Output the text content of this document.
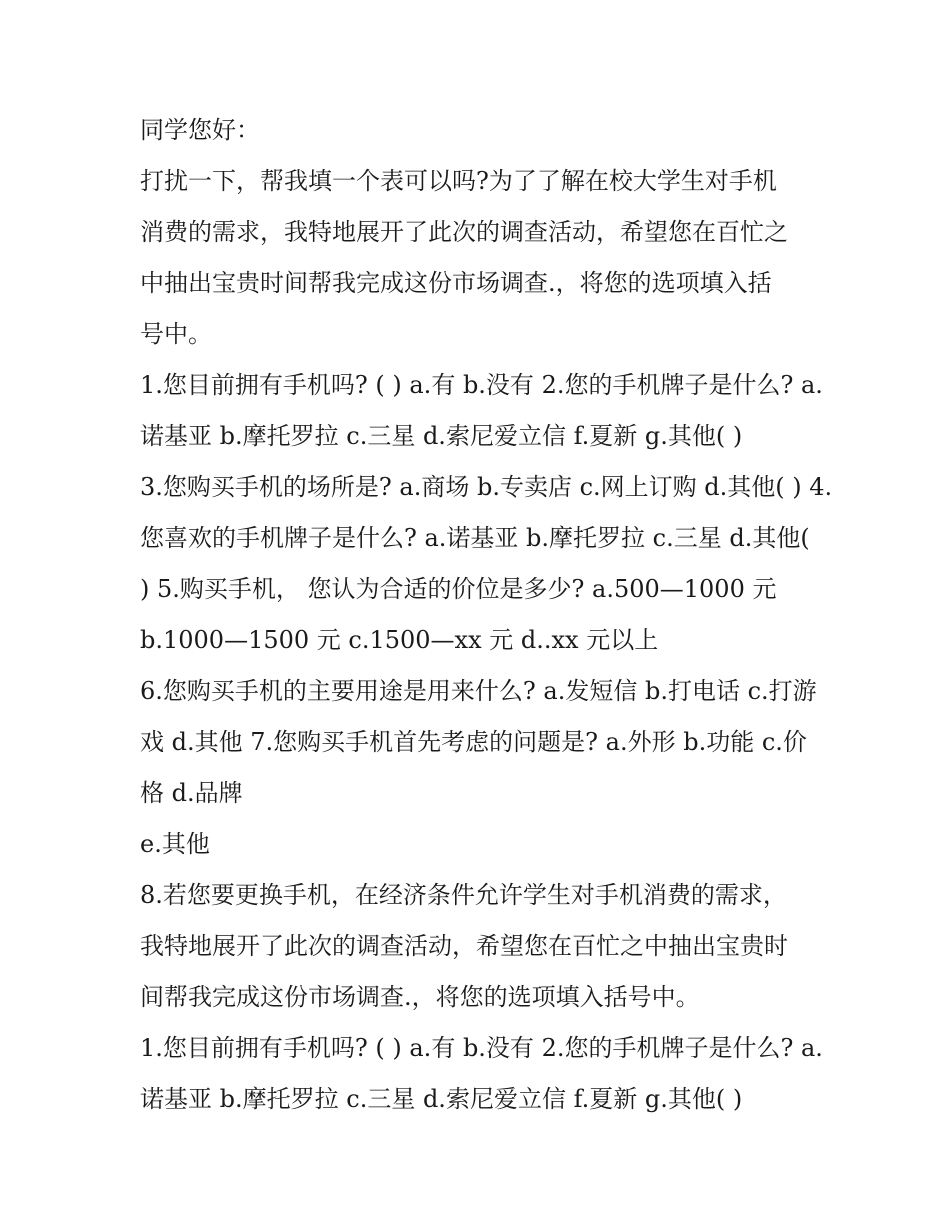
同学您好：
打扰一下，帮我填一个表可以吗?为了了解在校大学生对手机
消费的需求，我特地展开了此次的调查活动，希望您在百忙之
中抽出宝贵时间帮我完成这份市场调查.，将您的选项填入括
号中。
1.您目前拥有手机吗? ( ) a.有 b.没有 2.您的手机牌子是什么? a.
诺基亚 b.摩托罗拉 c.三星 d.索尼爱立信 f.夏新 g.其他( )
3.您购买手机的场所是? a.商场 b.专卖店 c.网上订购 d.其他( ) 4.
您喜欢的手机牌子是什么? a.诺基亚 b.摩托罗拉 c.三星 d.其他(
) 5.购买手机， 您认为合适的价位是多少? a.500—1000 元
b.1000—1500 元 c.1500—xx 元 d..xx 元以上
6.您购买手机的主要用途是用来什么? a.发短信 b.打电话 c.打游
戏 d.其他 7.您购买手机首先考虑的问题是? a.外形 b.功能 c.价
格 d.品牌
e.其他
8.若您要更换手机，在经济条件允许学生对手机消费的需求，
我特地展开了此次的调查活动，希望您在百忙之中抽出宝贵时
间帮我完成这份市场调查.，将您的选项填入括号中。
1.您目前拥有手机吗? ( ) a.有 b.没有 2.您的手机牌子是什么? a.
诺基亚 b.摩托罗拉 c.三星 d.索尼爱立信 f.夏新 g.其他( )
